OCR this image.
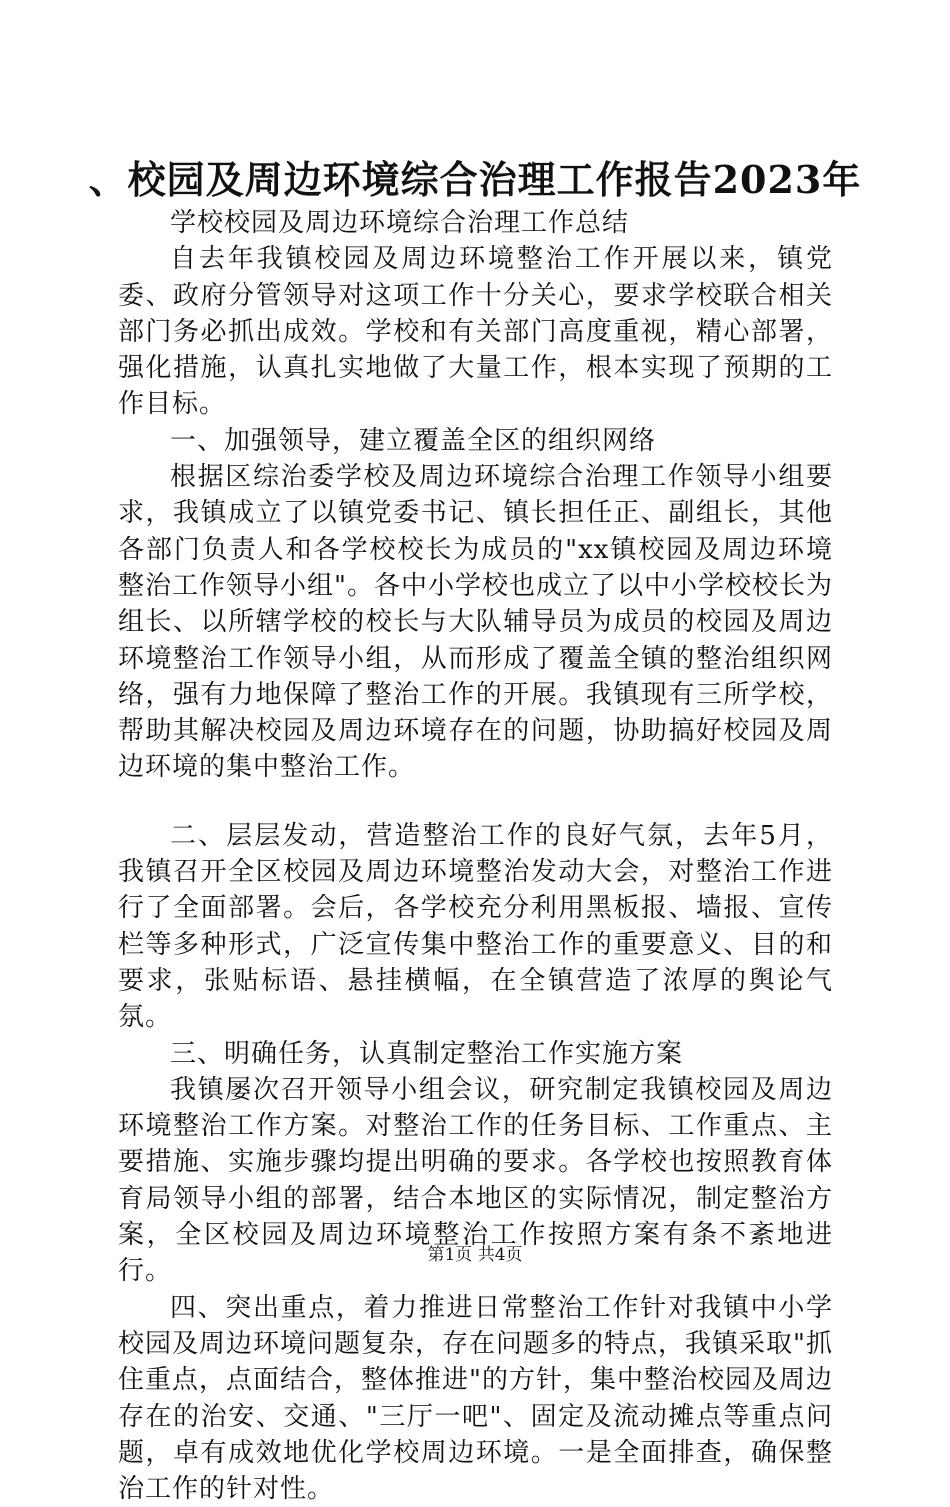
、校园及周边环境综合治理工作报告2023年

学校校园及周边环境综合治理工作总结

自去年我镇校园及周边环境整治工作开展以来，镇党委、政府分管领导对这项工作十分关心，要求学校联合相关部门务必抓出成效。学校和有关部门高度重视，精心部署，强化措施，认真扎实地做了大量工作，根本实现了预期的工作目标。

一、加强领导，建立覆盖全区的组织网络

根据区综治委学校及周边环境综合治理工作领导小组要求，我镇成立了以镇党委书记、镇长担任正、副组长，其他各部门负责人和各学校校长为成员的"xx镇校园及周边环境整治工作领导小组"。各中小学校也成立了以中小学校校长为组长、以所辖学校的校长与大队辅导员为成员的校园及周边环境整治工作领导小组，从而形成了覆盖全镇的整治组织网络，强有力地保障了整治工作的开展。我镇现有三所学校，帮助其解决校园及周边环境存在的问题，协助搞好校园及周边环境的集中整治工作。

二、层层发动，营造整治工作的良好气氛，去年5月，我镇召开全区校园及周边环境整治发动大会，对整治工作进行了全面部署。会后，各学校充分利用黑板报、墙报、宣传栏等多种形式，广泛宣传集中整治工作的重要意义、目的和要求，张贴标语、悬挂横幅，在全镇营造了浓厚的舆论气氛。

三、明确任务，认真制定整治工作实施方案

我镇屡次召开领导小组会议，研究制定我镇校园及周边环境整治工作方案。对整治工作的任务目标、工作重点、主要措施、实施步骤均提出明确的要求。各学校也按照教育体育局领导小组的部署，结合本地区的实际情况，制定整治方案，全区校园及周边环境整治工作按照方案有条不紊地进行。

四、突出重点，着力推进日常整治工作针对我镇中小学校园及周边环境问题复杂，存在问题多的特点，我镇采取"抓住重点，点面结合，整体推进"的方针，集中整治校园及周边存在的治安、交通、"三厅一吧"、固定及流动摊点等重点问题，卓有成效地优化学校周边环境。一是全面排查，确保整治工作的针对性。

第1页 共4页
